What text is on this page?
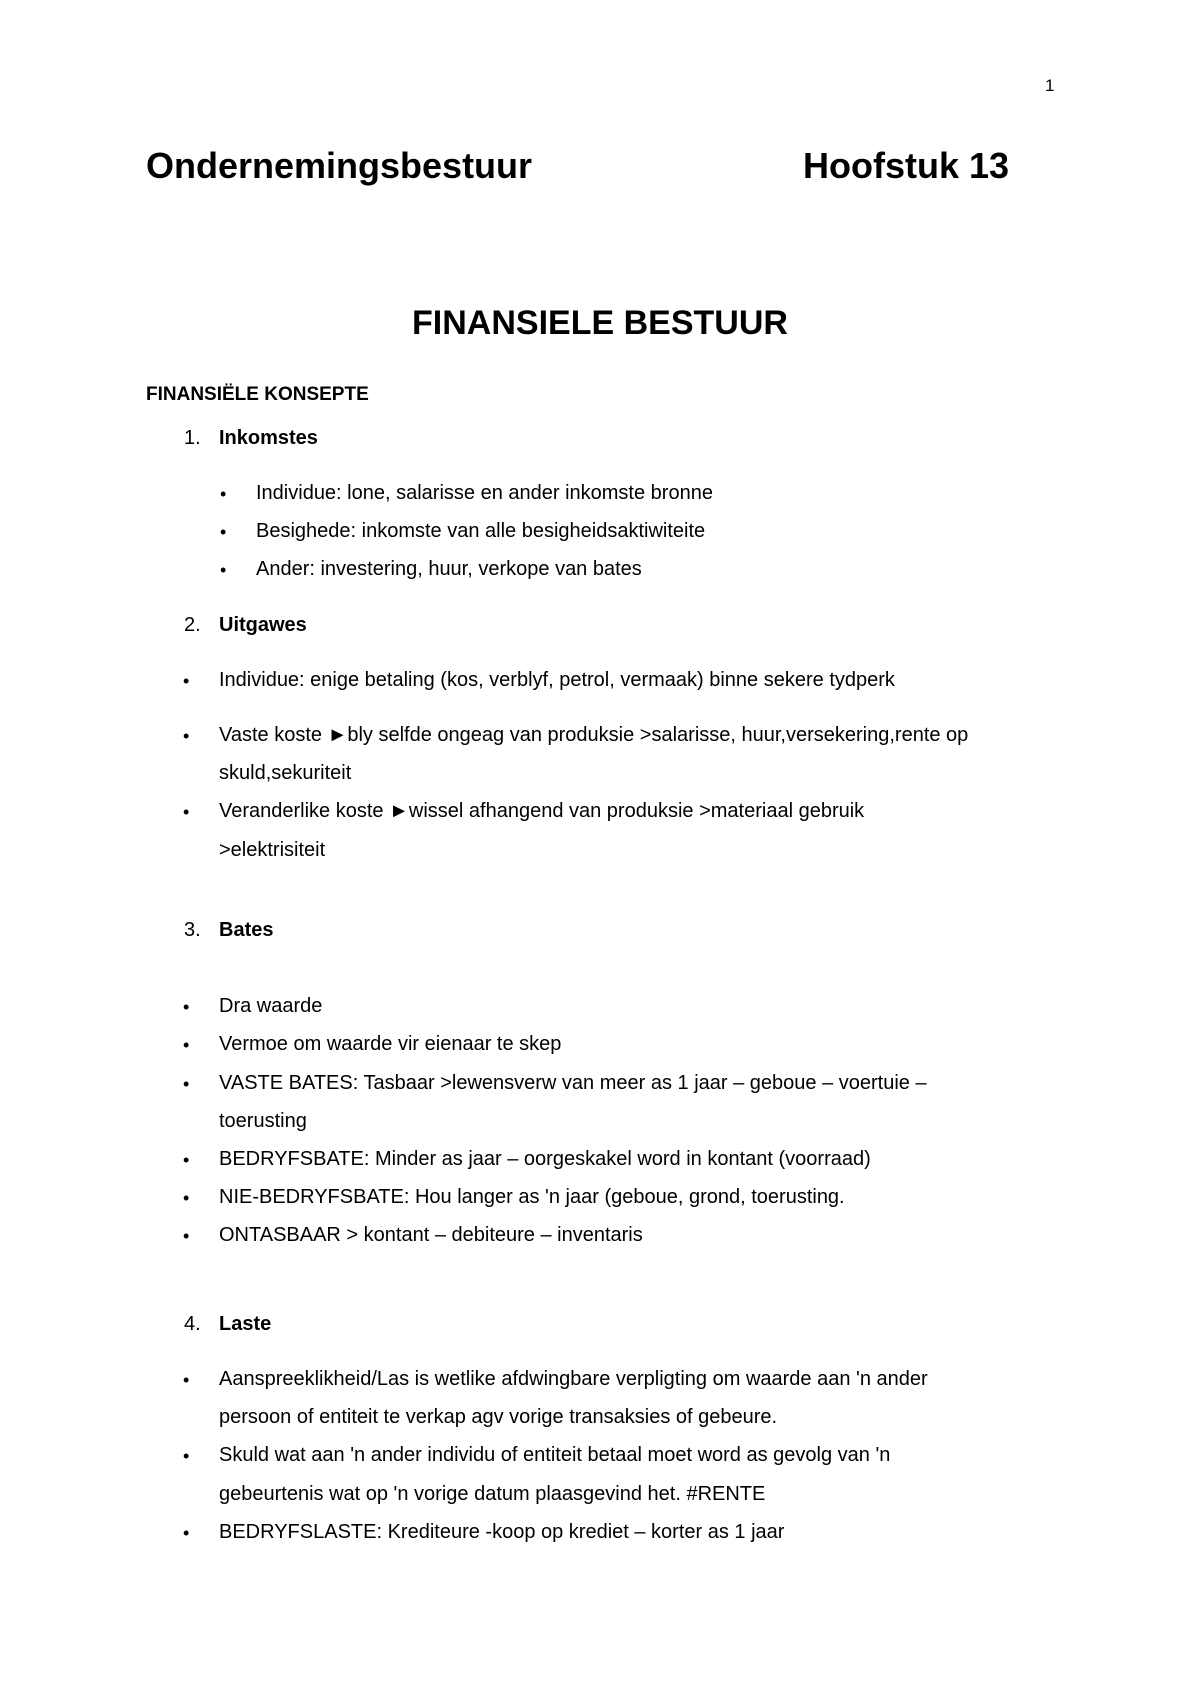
1
Ondernemingsbestuur	Hoofstuk 13
FINANSIELE BESTUUR
FINANSIËLE KONSEPTE
1. Inkomstes
• Individue: lone, salarisse en ander inkomste bronne
• Besighede: inkomste van alle besigheidsaktiwiteite
• Ander: investering, huur, verkope van bates
2. Uitgawes
• Individue: enige betaling (kos, verblyf, petrol, vermaak) binne sekere tydperk
• Vaste koste ►bly selfde ongeag van produksie >salarisse, huur,versekering,rente op
skuld,sekuriteit
• Veranderlike koste ►wissel afhangend van produksie >materiaal gebruik
>elektrisiteit
3. Bates
• Dra waarde
• Vermoe om waarde vir eienaar te skep
• VASTE BATES: Tasbaar >lewensverw van meer as 1 jaar – geboue – voertuie –
toerusting
• BEDRYFSBATE: Minder as jaar – oorgeskakel word in kontant (voorraad)
• NIE-BEDRYFSBATE: Hou langer as 'n jaar (geboue, grond, toerusting.
• ONTASBAAR > kontant – debiteure – inventaris
4. Laste
• Aanspreeklikheid/Las is wetlike afdwingbare verpligting om waarde aan 'n ander
persoon of entiteit te verkap agv vorige transaksies of gebeure.
• Skuld wat aan 'n ander individu of entiteit betaal moet word as gevolg van 'n
gebeurtenis wat op 'n vorige datum plaasgevind het. #RENTE
• BEDRYFSLASTE: Krediteure -koop op krediet – korter as 1 jaar
